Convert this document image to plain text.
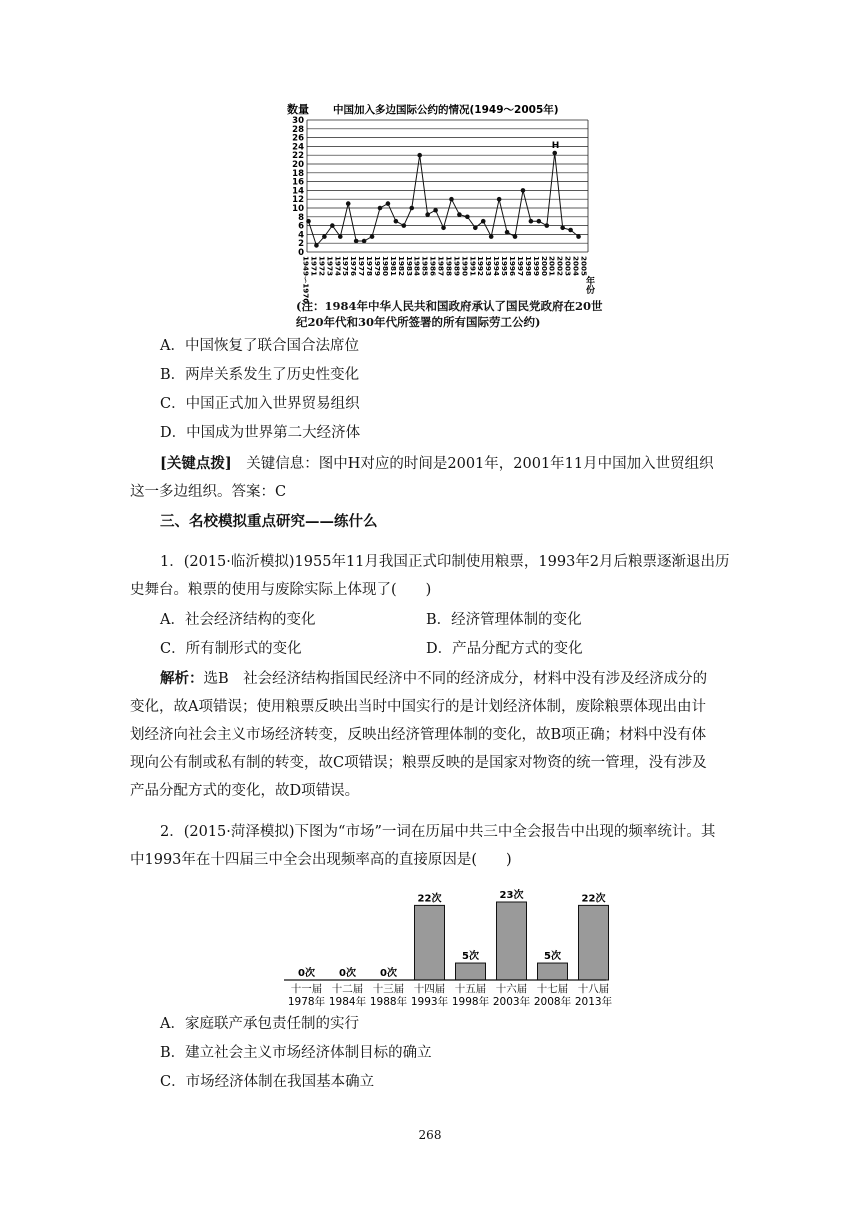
数量 中国加入多边国际公约的情况(1949～2005年)
0
2
4
6
8
10
12
14
16
18
20
22
24
26
28
30
1949～1970
1971
1972
1973
1974
1975
1976
1977
1978
1979
1980
1981
1982
1983
1984
1985
1986
1987
1988
1989
1990
1991
1992
1993
1994
1995
1996
1997
1998
1999
2000
2001
2002
2003
2004
2005
H
年份
(注：1984年中华人民共和国政府承认了国民党政府在20世
纪20年代和30年代所签署的所有国际劳工公约)
A．中国恢复了联合国合法席位
B．两岸关系发生了历史性变化
C．中国正式加入世界贸易组织
D．中国成为世界第二大经济体
[关键点拨]　关键信息：图中H对应的时间是2001年，2001年11月中国加入世贸组织
这一多边组织。答案：C
三、名校模拟重点研究——练什么
1．(2015·临沂模拟)1955年11月我国正式印制使用粮票，1993年2月后粮票逐渐退出历
史舞台。粮票的使用与废除实际上体现了(　　)
A．社会经济结构的变化	B．经济管理体制的变化
C．所有制形式的变化	D．产品分配方式的变化
解析：选B　社会经济结构指国民经济中不同的经济成分，材料中没有涉及经济成分的
变化，故A项错误；使用粮票反映出当时中国实行的是计划经济体制，废除粮票体现出由计
划经济向社会主义市场经济转变，反映出经济管理体制的变化，故B项正确；材料中没有体
现向公有制或私有制的转变，故C项错误；粮票反映的是国家对物资的统一管理，没有涉及
产品分配方式的变化，故D项错误。
2．(2015·菏泽模拟)下图为“市场”一词在历届中共三中全会报告中出现的频率统计。其
中1993年在十四届三中全会出现频率高的直接原因是(　　)
0次 0次 0次
22次
5次
23次
5次
22次
十一届
1978年
十二届
1984年
十三届
1988年
十四届
1993年
十五届
1998年
十六届
2003年
十七届
2008年
十八届
2013年
A．家庭联产承包责任制的实行
B．建立社会主义市场经济体制目标的确立
C．市场经济体制在我国基本确立
268
